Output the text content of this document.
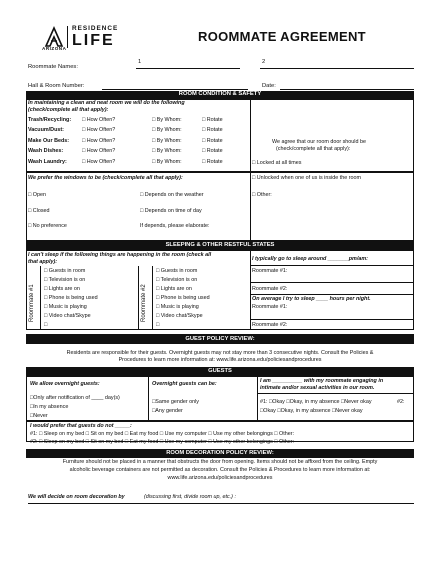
ARIZONA
RESIDENCE
LIFE	ROOMMATE AGREEMENT
Roommate Names:
1	2
Hall & Room Number:	Date:
ROOM CONDITION & SAFETY
In maintaining a clean and neat room we will do the following
(check/complete all that apply):
Trash/Recycling: □ How Often?	□ By Whom:	□ Rotate
Vacuum/Dust:	□ How Often?	□ By Whom:	□ Rotate
Make Our Beds: □ How Often?	□ By Whom:	□ Rotate
Wash Dishes:	□ How Often?	□ By Whom:	□ Rotate
Wash Laundry:	□ How Often?	□ By Whom:	□ Rotate
We agree that our room door should be
(check/complete all that apply):
□ Locked at all times
We prefer the windows to be (check/complete all that apply):	□ Unlocked when one of us is inside the room
□ Open	□ Depends on the weather	□ Other:
□ Closed	□ Depends on time of day
□ No preference	If depends, please elaborate:
SLEEPING & OTHER RESTFUL STATES
I can't sleep if the following things are happening in the room (check all
that apply):
Roommate #1	Roommate #2
□ Guests in room
□ Television is on
□ Lights are on
□ Phone is being used
□ Music is playing
□ Video chat/Skype
□
□ Guests in room
□ Television is on
□ Lights are on
□ Phone is being used
□ Music is playing
□ Video chat/Skype
□
I typically go to sleep around _______pm/am:
Roommate #1:
Roommate #2:
On average I try to sleep ____ hours per night.
Roommate #1:
Roommate #2:
GUEST POLICY REVIEW:
Residents are responsible for their guests. Overnight guests may not stay more than 3 consecutive nights. Consult the Policies &
Procedures to learn more information at: www.life.arizona.edu/policiesandprocedures
GUESTS
We allow overnight guests:
□Only after notification of ____ day(s)
□In my absence
□Never
Overnight guests can be:
□Same gender only
□Any gender
I am __________ with my roommate engaging in
intimate and/or sexual activities in our room.
#1: □Okay □Okay, in my absence □Never okay	#2:
□Okay □Okay, in my absence □Never okay
I would prefer that guests do not _____:
#1: □ Sleep on my bed □ Sit on my bed □ Eat my food □ Use my computer □ Use my other belongings □ Other:
#2: □ Sleep on my bed □ Sit on my bed □ Eat my food □ Use my computer □ Use my other belongings □ Other:
ROOM DECORATION POLICY REVIEW:
Furniture should not be placed in a manner that obstructs the door from opening. Items should not be affixed from the ceiling. Empty
alcoholic beverage containers are not permitted as decoration. Consult the Policies & Procedures to learn more information at:
www.life.arizona.edu/policiesandprocedures
We will decide on room decoration by	(discussing first, divide room up, etc.) :
